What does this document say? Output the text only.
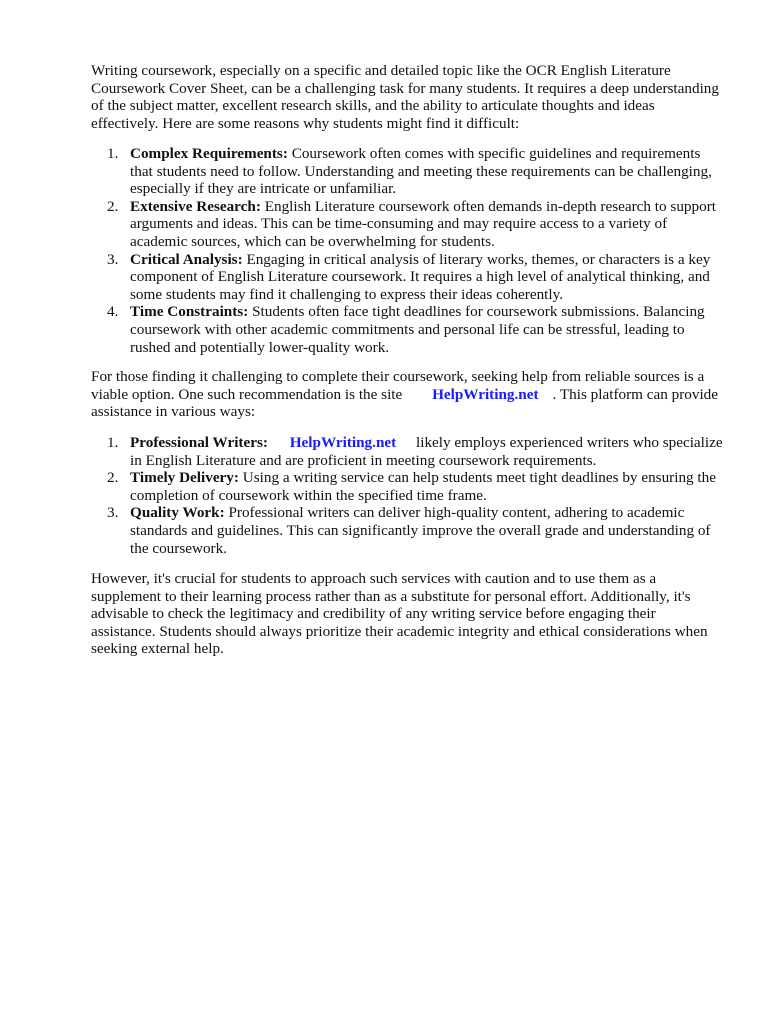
Writing coursework, especially on a specific and detailed topic like the OCR English Literature Coursework Cover Sheet, can be a challenging task for many students. It requires a deep understanding of the subject matter, excellent research skills, and the ability to articulate thoughts and ideas effectively. Here are some reasons why students might find it difficult:

1. Complex Requirements: Coursework often comes with specific guidelines and requirements that students need to follow. Understanding and meeting these requirements can be challenging, especially if they are intricate or unfamiliar.
2. Extensive Research: English Literature coursework often demands in-depth research to support arguments and ideas. This can be time-consuming and may require access to a variety of academic sources, which can be overwhelming for students.
3. Critical Analysis: Engaging in critical analysis of literary works, themes, or characters is a key component of English Literature coursework. It requires a high level of analytical thinking, and some students may find it challenging to express their ideas coherently.
4. Time Constraints: Students often face tight deadlines for coursework submissions. Balancing coursework with other academic commitments and personal life can be stressful, leading to rushed and potentially lower-quality work.

For those finding it challenging to complete their coursework, seeking help from reliable sources is a viable option. One such recommendation is the site HelpWriting.net . This platform can provide assistance in various ways:

1. Professional Writers: HelpWriting.net likely employs experienced writers who specialize in English Literature and are proficient in meeting coursework requirements.
2. Timely Delivery: Using a writing service can help students meet tight deadlines by ensuring the completion of coursework within the specified time frame.
3. Quality Work: Professional writers can deliver high-quality content, adhering to academic standards and guidelines. This can significantly improve the overall grade and understanding of the coursework.

However, it's crucial for students to approach such services with caution and to use them as a supplement to their learning process rather than as a substitute for personal effort. Additionally, it's advisable to check the legitimacy and credibility of any writing service before engaging their assistance. Students should always prioritize their academic integrity and ethical considerations when seeking external help.
